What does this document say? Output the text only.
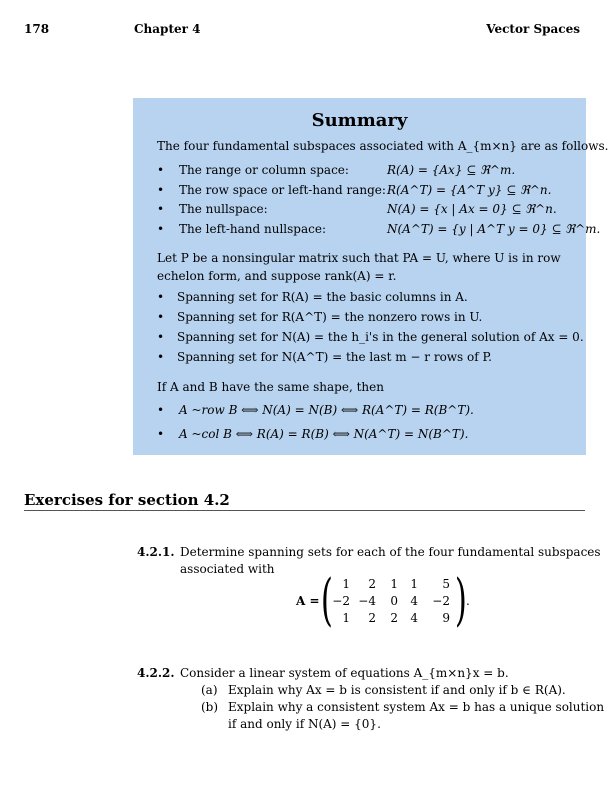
178	Chapter 4	Vector Spaces
Summary
The four fundamental subspaces associated with A_{m×n} are as follows.
• The range or column space:	R(A) = {Ax} ⊆ ℜ^m.
• The row space or left-hand range: R(A^T) = {A^T y} ⊆ ℜ^n.
• The nullspace:	N(A) = {x | Ax = 0} ⊆ ℜ^n.
• The left-hand nullspace:	N(A^T) = {y | A^T y = 0} ⊆ ℜ^m.
Let P be a nonsingular matrix such that PA = U, where U is in row
echelon form, and suppose rank(A) = r.
• Spanning set for R(A) = the basic columns in A.
• Spanning set for R(A^T) = the nonzero rows in U.
• Spanning set for N(A) = the h_i's in the general solution of Ax = 0.
• Spanning set for N(A^T) = the last m − r rows of P.
If A and B have the same shape, then
• A ~row B ⟺ N(A) = N(B) ⟺ R(A^T) = R(B^T).
• A ~col B ⟺ R(A) = R(B) ⟺ N(A^T) = N(B^T).
Exercises for section 4.2
4.2.1. Determine spanning sets for each of the four fundamental subspaces
associated with
A = ( )
1	2	1	1	5
−2 −4	0	4	−2
1	2	2	4	9
.
4.2.2. Consider a linear system of equations A_{m×n}x = b.
(a) Explain why Ax = b is consistent if and only if b ∈ R(A).
(b) Explain why a consistent system Ax = b has a unique solution
if and only if N(A) = {0}.
